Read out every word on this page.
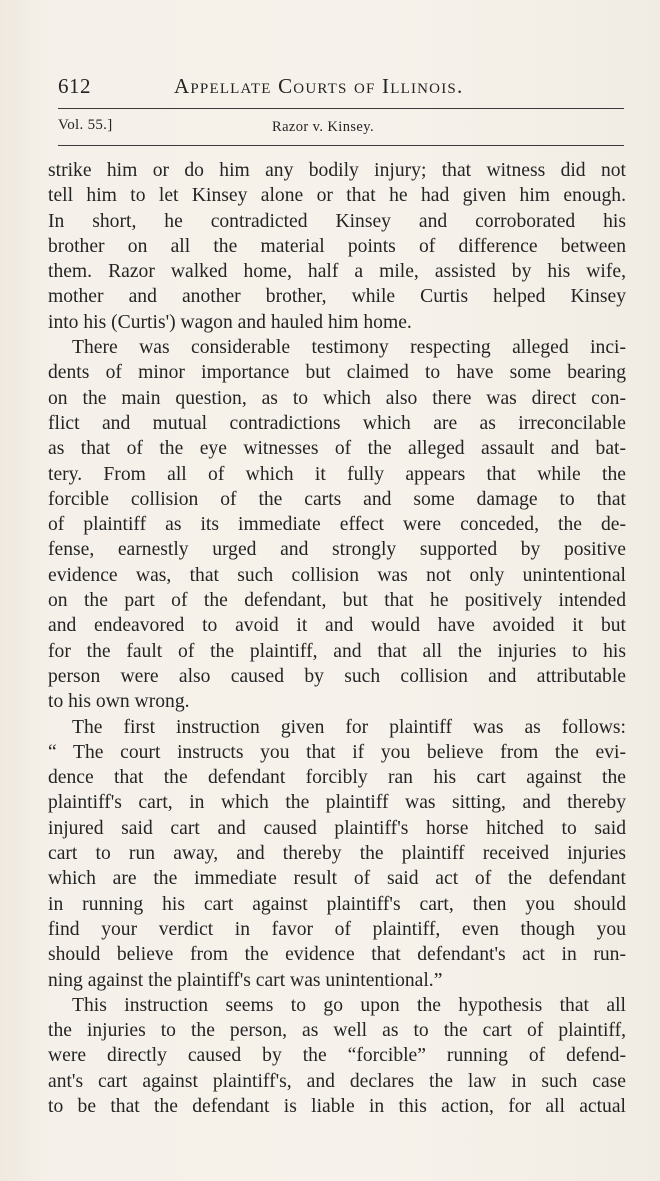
612	Appellate Courts of Illinois.
Vol. 55.]	Razor v. Kinsey.
strike him or do him any bodily injury; that witness did not
tell him to let Kinsey alone or that he had given him enough.
In short, he contradicted Kinsey and corroborated his
brother on all the material points of difference between
them. Razor walked home, half a mile, assisted by his wife,
mother and another brother, while Curtis helped Kinsey
into his (Curtis') wagon and hauled him home.
There was considerable testimony respecting alleged inci-
dents of minor importance but claimed to have some bearing
on the main question, as to which also there was direct con-
flict and mutual contradictions which are as irreconcilable
as that of the eye witnesses of the alleged assault and bat-
tery. From all of which it fully appears that while the
forcible collision of the carts and some damage to that
of plaintiff as its immediate effect were conceded, the de-
fense, earnestly urged and strongly supported by positive
evidence was, that such collision was not only unintentional
on the part of the defendant, but that he positively intended
and endeavored to avoid it and would have avoided it but
for the fault of the plaintiff, and that all the injuries to his
person were also caused by such collision and attributable
to his own wrong.
The first instruction given for plaintiff was as follows:
“ The court instructs you that if you believe from the evi-
dence that the defendant forcibly ran his cart against the
plaintiff's cart, in which the plaintiff was sitting, and thereby
injured said cart and caused plaintiff's horse hitched to said
cart to run away, and thereby the plaintiff received injuries
which are the immediate result of said act of the defendant
in running his cart against plaintiff's cart, then you should
find your verdict in favor of plaintiff, even though you
should believe from the evidence that defendant's act in run-
ning against the plaintiff's cart was unintentional.”
This instruction seems to go upon the hypothesis that all
the injuries to the person, as well as to the cart of plaintiff,
were directly caused by the “forcible” running of defend-
ant's cart against plaintiff's, and declares the law in such case
to be that the defendant is liable in this action, for all actual
